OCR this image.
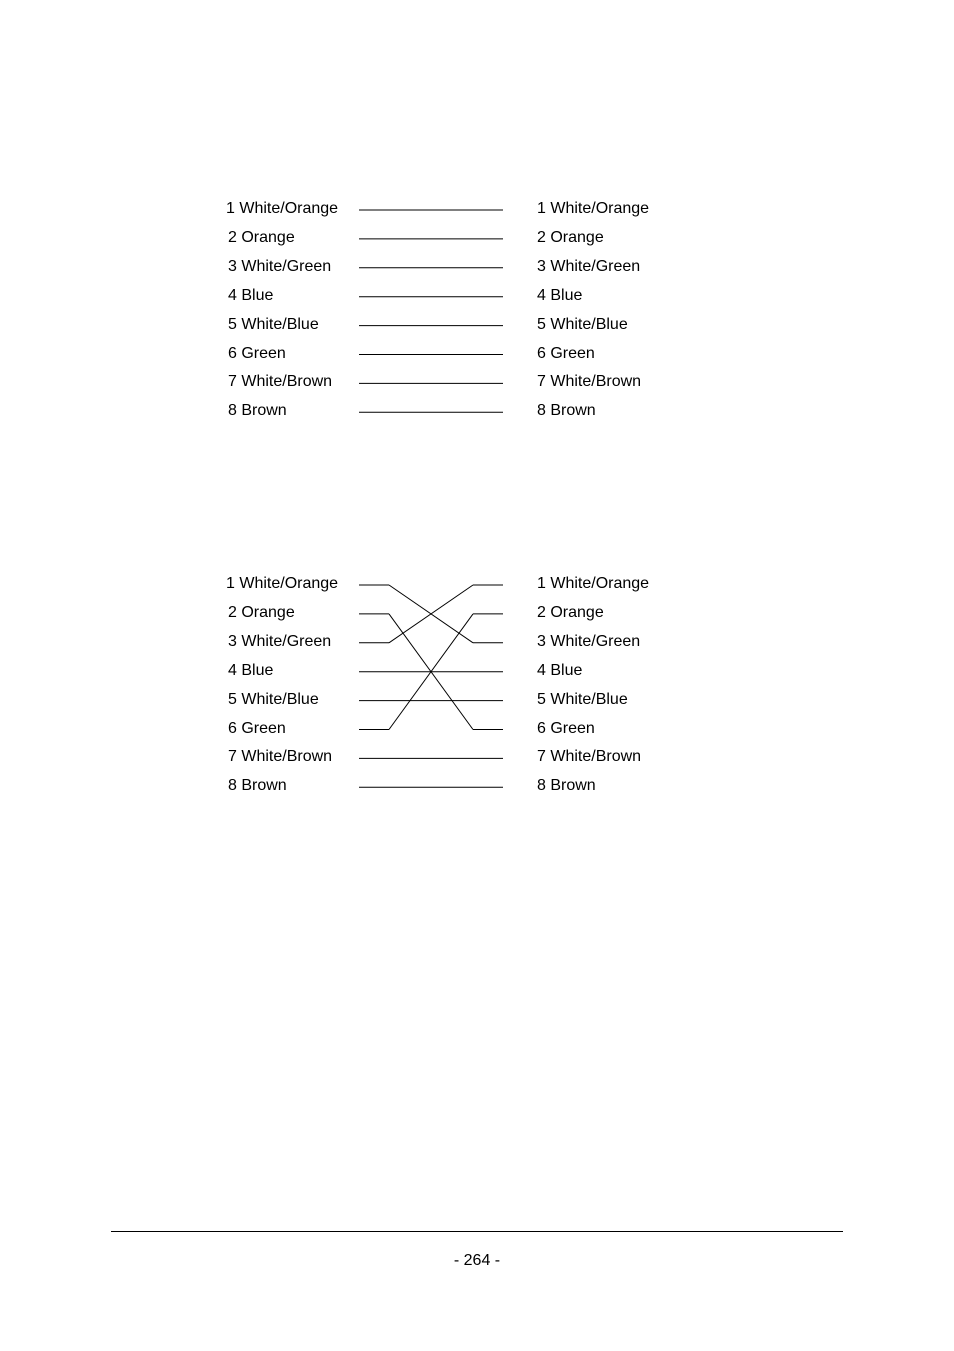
1 White/Orange
2 Orange
3 White/Green
4 Blue
5 White/Blue
6 Green
7 White/Brown
8 Brown
1 White/Orange
2 Orange
3 White/Green
4 Blue
5 White/Blue
6 Green
7 White/Brown
8 Brown
1 White/Orange
2 Orange
3 White/Green
4 Blue
5 White/Blue
6 Green
7 White/Brown
8 Brown
1 White/Orange
2 Orange
3 White/Green
4 Blue
5 White/Blue
6 Green
7 White/Brown
8 Brown
- 264 -
